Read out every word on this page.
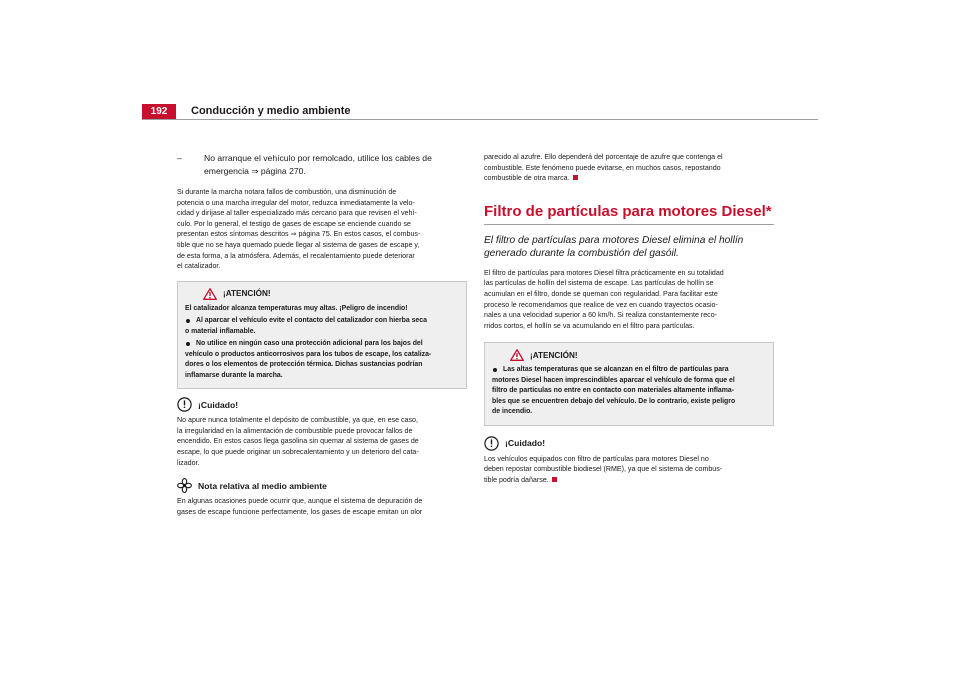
192	Conducción y medio ambiente
–	No arranque el vehículo por remolcado, utilice los cables de emergencia ⇒ página 270.

Si durante la marcha notara fallos de combustión, una disminución de

potencia o una marcha irregular del motor, reduzca inmediatamente la velo-

cidad y diríjase al taller especializado más cercano para que revisen el vehí-

culo. Por lo general, el testigo de gases de escape se enciende cuando se

presentan estos síntomas descritos ⇒ página 75. En estos casos, el combus-

tible que no se haya quemado puede llegar al sistema de gases de escape y,

de esta forma, a la atmósfera. Además, el recalentamiento puede deteriorar

el catalizador.

¡ATENCIÓN!

El catalizador alcanza temperaturas muy altas. ¡Peligro de incendio!

Al aparcar el vehículo evite el contacto del catalizador con hierba seca

o material inflamable.

No utilice en ningún caso una protección adicional para los bajos del

vehículo o productos anticorrosivos para los tubos de escape, los cataliza-

dores o los elementos de protección térmica. Dichas sustancias podrían

inflamarse durante la marcha.

¡Cuidado!

No apure nunca totalmente el depósito de combustible, ya que, en ese caso,

la irregularidad en la alimentación de combustible puede provocar fallos de

encendido. En estos casos llega gasolina sin quemar al sistema de gases de

escape, lo que puede originar un sobrecalentamiento y un deterioro del cata-

lizador.

Nota relativa al medio ambiente

En algunas ocasiones puede ocurrir que, aunque el sistema de depuración de

gases de escape funcione perfectamente, los gases de escape emitan un olor

parecido al azufre. Ello dependerá del porcentaje de azufre que contenga el

combustible. Este fenómeno puede evitarse, en muchos casos, repostando

combustible de otra marca.

Filtro de partículas para motores Diesel*
El filtro de partículas para motores Diesel elimina el hollín
generado durante la combustión del gasóil.

El filtro de partículas para motores Diesel filtra prácticamente en su totalidad

las partículas de hollín del sistema de escape. Las partículas de hollín se

acumulan en el filtro, donde se queman con regularidad. Para facilitar este

proceso le recomendamos que realice de vez en cuando trayectos ocasio-

nales a una velocidad superior a 60 km/h. Si realiza constantemente reco-

rridos cortos, el hollín se va acumulando en el filtro para partículas.

¡ATENCIÓN!

Las altas temperaturas que se alcanzan en el filtro de partículas para

motores Diesel hacen imprescindibles aparcar el vehículo de forma que el

filtro de partículas no entre en contacto con materiales altamente inflama-

bles que se encuentren debajo del vehículo. De lo contrario, existe peligro

de incendio.

¡Cuidado!

Los vehículos equipados con filtro de partículas para motores Diesel no

deben repostar combustible biodiesel (RME), ya que el sistema de combus-

tible podría dañarse.
